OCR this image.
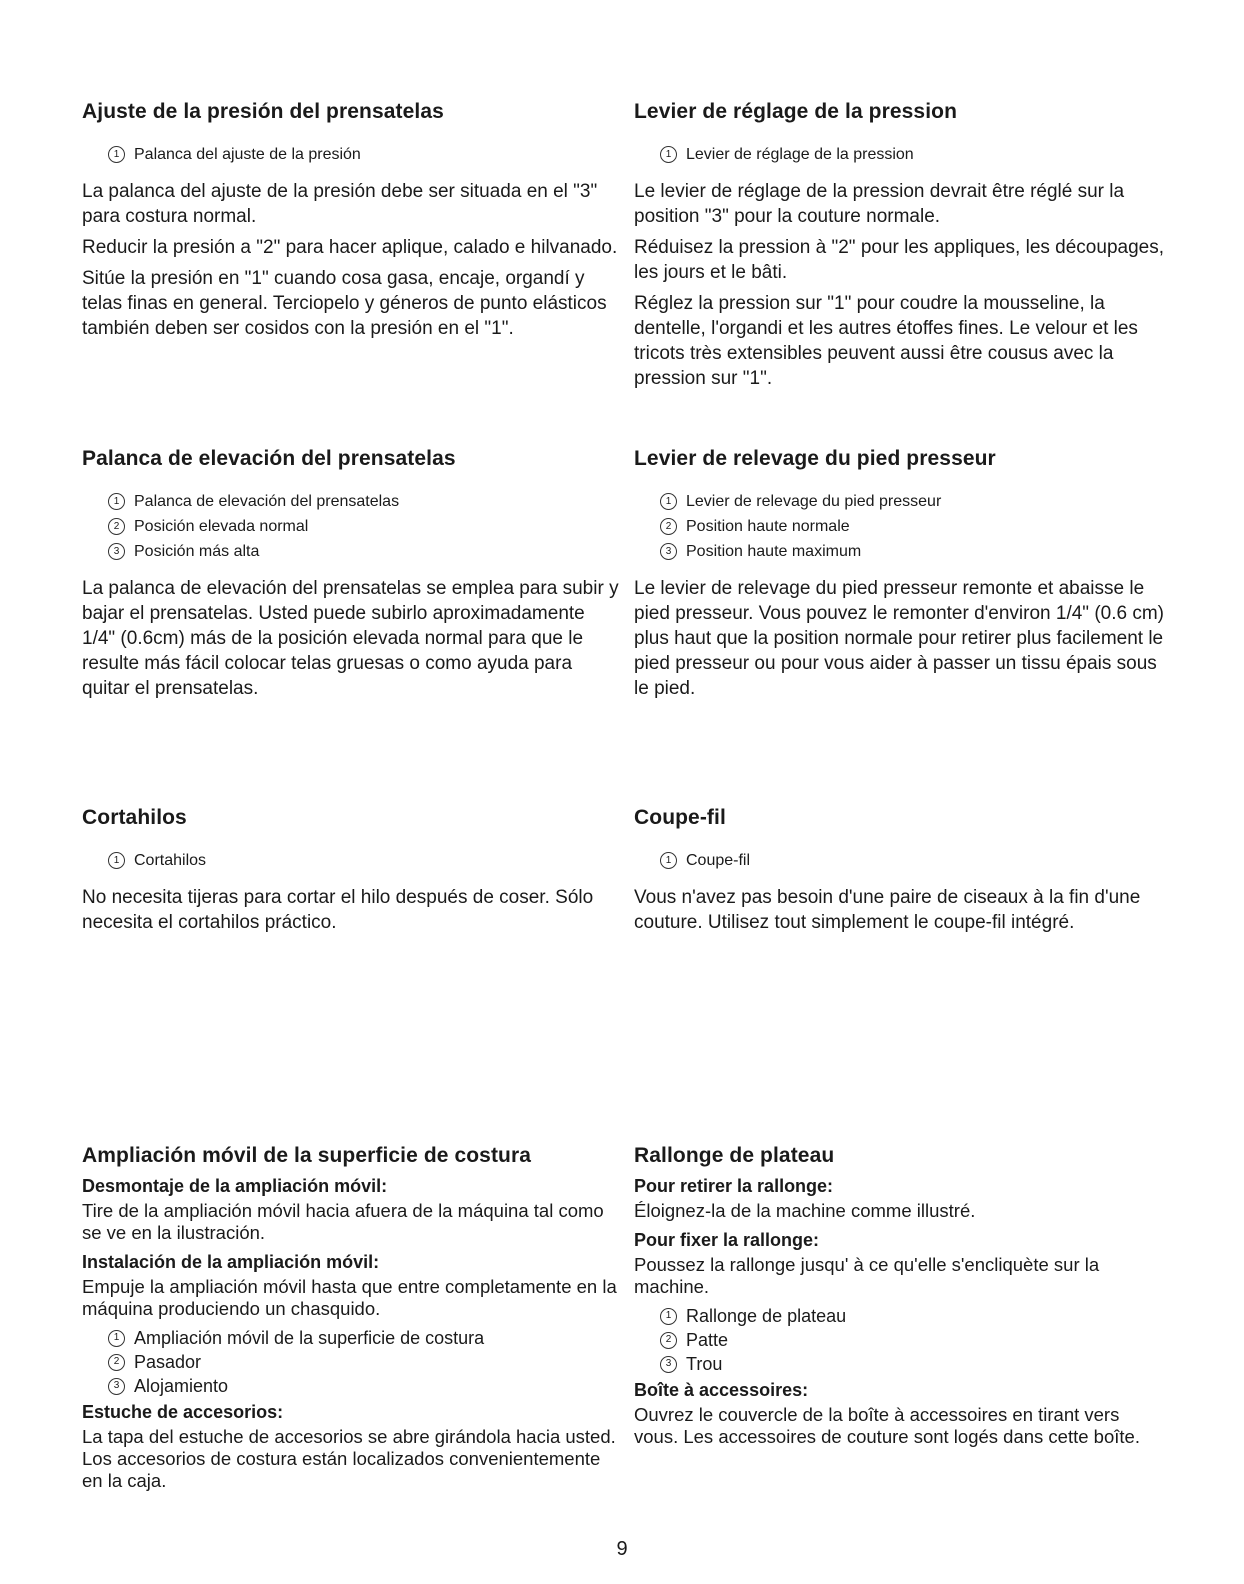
Ajuste de la presión del prensatelas
1 Palanca del ajuste de la presión

La palanca del ajuste de la presión debe ser situada en el "3" para costura normal.

Reducir la presión a "2" para hacer aplique, calado e hilvanado.

Sitúe la presión en "1" cuando cosa gasa, encaje, organdí y telas finas en general. Terciopelo y géneros de punto elásticos también deben ser cosidos con la presión en el "1".

Palanca de elevación del prensatelas
1 Palanca de elevación del prensatelas
2 Posición elevada normal
3 Posición más alta

La palanca de elevación del prensatelas se emplea para subir y bajar el prensatelas. Usted puede subirlo aproximadamente 1/4" (0.6cm) más de la posición elevada normal para que le resulte más fácil colocar telas gruesas o como ayuda para quitar el prensatelas.

Cortahilos
1 Cortahilos

No necesita tijeras para cortar el hilo después de coser. Sólo necesita el cortahilos práctico.

Ampliación móvil de la superficie de costura
Desmontaje de la ampliación móvil:

Tire de la ampliación móvil hacia afuera de la máquina tal como se ve en la ilustración.

Instalación de la ampliación móvil:

Empuje la ampliación móvil hasta que entre completamente en la máquina produciendo un chasquido.

1 Ampliación móvil de la superficie de costura
2 Pasador
3 Alojamiento
Estuche de accesorios:

La tapa del estuche de accesorios se abre girándola hacia usted.

Los accesorios de costura están localizados convenientemente en la caja.

Levier de réglage de la pression
1 Levier de réglage de la pression

Le levier de réglage de la pression devrait être réglé sur la position "3" pour la couture normale.

Réduisez la pression à "2" pour les appliques, les découpages, les jours et le bâti.

Réglez la pression sur "1" pour coudre la mousseline, la dentelle, l'organdi et les autres étoffes fines. Le velour et les tricots très extensibles peuvent aussi être cousus avec la pression sur "1".

Levier de relevage du pied presseur
1 Levier de relevage du pied presseur
2 Position haute normale
3 Position haute maximum

Le levier de relevage du pied presseur remonte et abaisse le pied presseur. Vous pouvez le remonter d'environ 1/4" (0.6 cm) plus haut que la position normale pour retirer plus facilement le pied presseur ou pour vous aider à passer un tissu épais sous le pied.

Coupe-fil
1 Coupe-fil

Vous n'avez pas besoin d'une paire de ciseaux à la fin d'une couture. Utilisez tout simplement le coupe-fil intégré.

Rallonge de plateau
Pour retirer la rallonge:

Éloignez-la de la machine comme illustré.

Pour fixer la rallonge:

Poussez la rallonge jusqu' à ce qu'elle s'encliquète sur la machine.

1 Rallonge de plateau
2 Patte
3 Trou
Boîte à accessoires:

Ouvrez le couvercle de la boîte à accessoires en tirant vers vous. Les accessoires de couture sont logés dans cette boîte.

9
